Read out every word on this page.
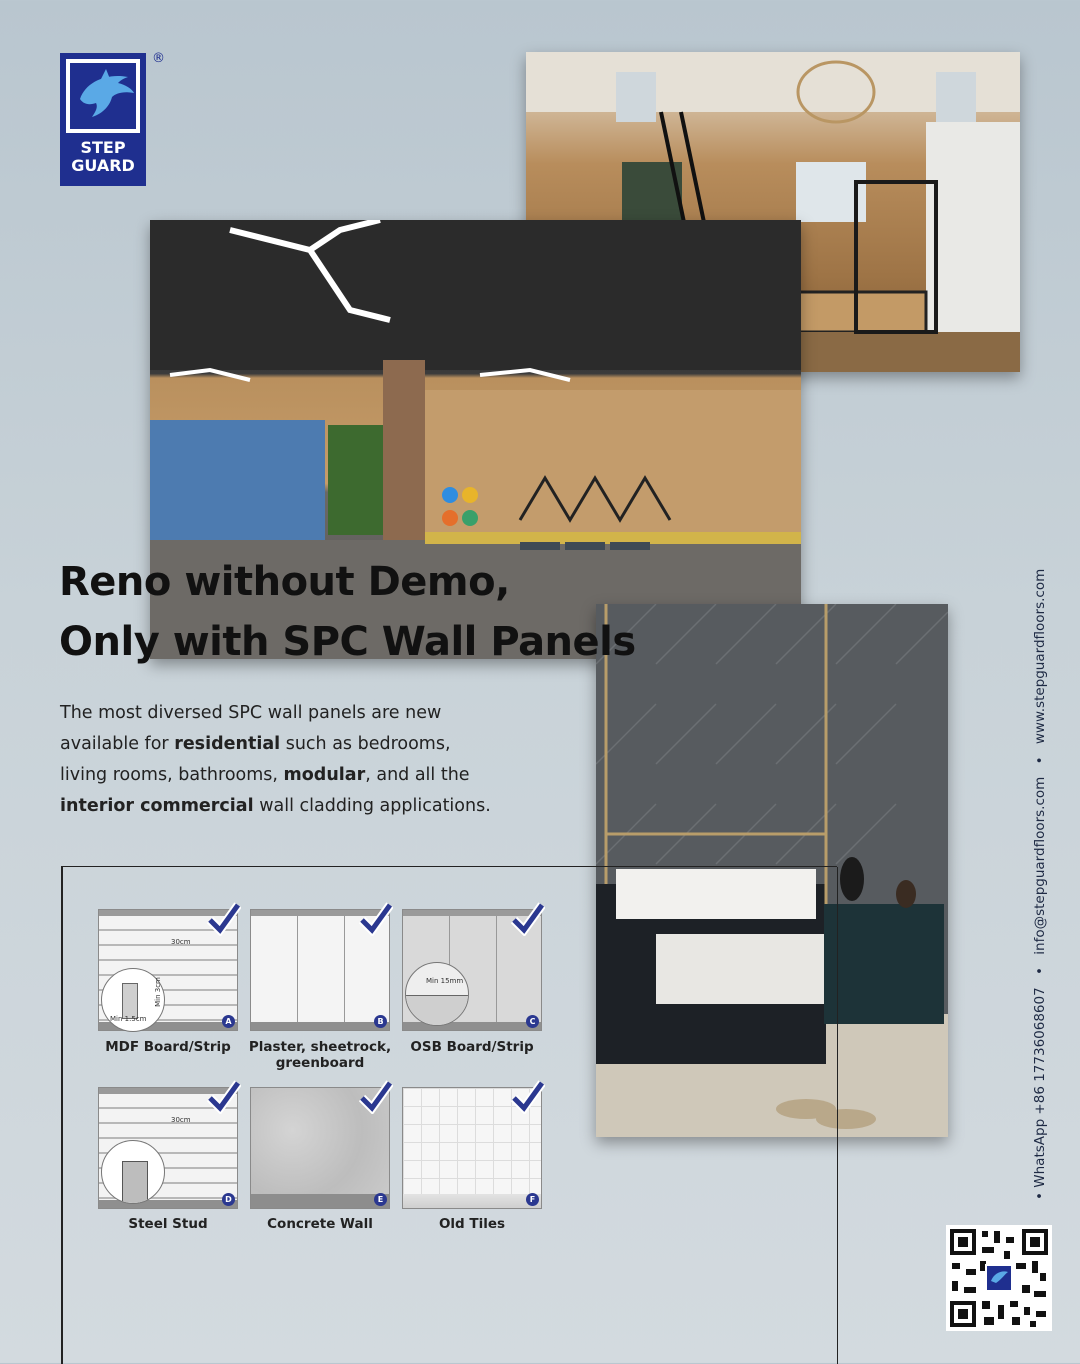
STEP
GUARD
®
Reno without Demo,
Only with SPC Wall Panels
The most diversed SPC wall panels are new available for residential such as bedrooms, living rooms, bathrooms, modular, and all the interior commercial wall cladding applications.
30cm
Min 1.5cm
Min 3cm
A
MDF Board/Strip
B
Plaster, sheetrock, greenboard
Min 15mm
C
OSB Board/Strip
30cm
D
Steel Stud
E
Concrete Wall
F
Old Tiles
• WhatsApp +86 17736068607 • info@stepguardfloors.com • www.stepguardfloors.com
